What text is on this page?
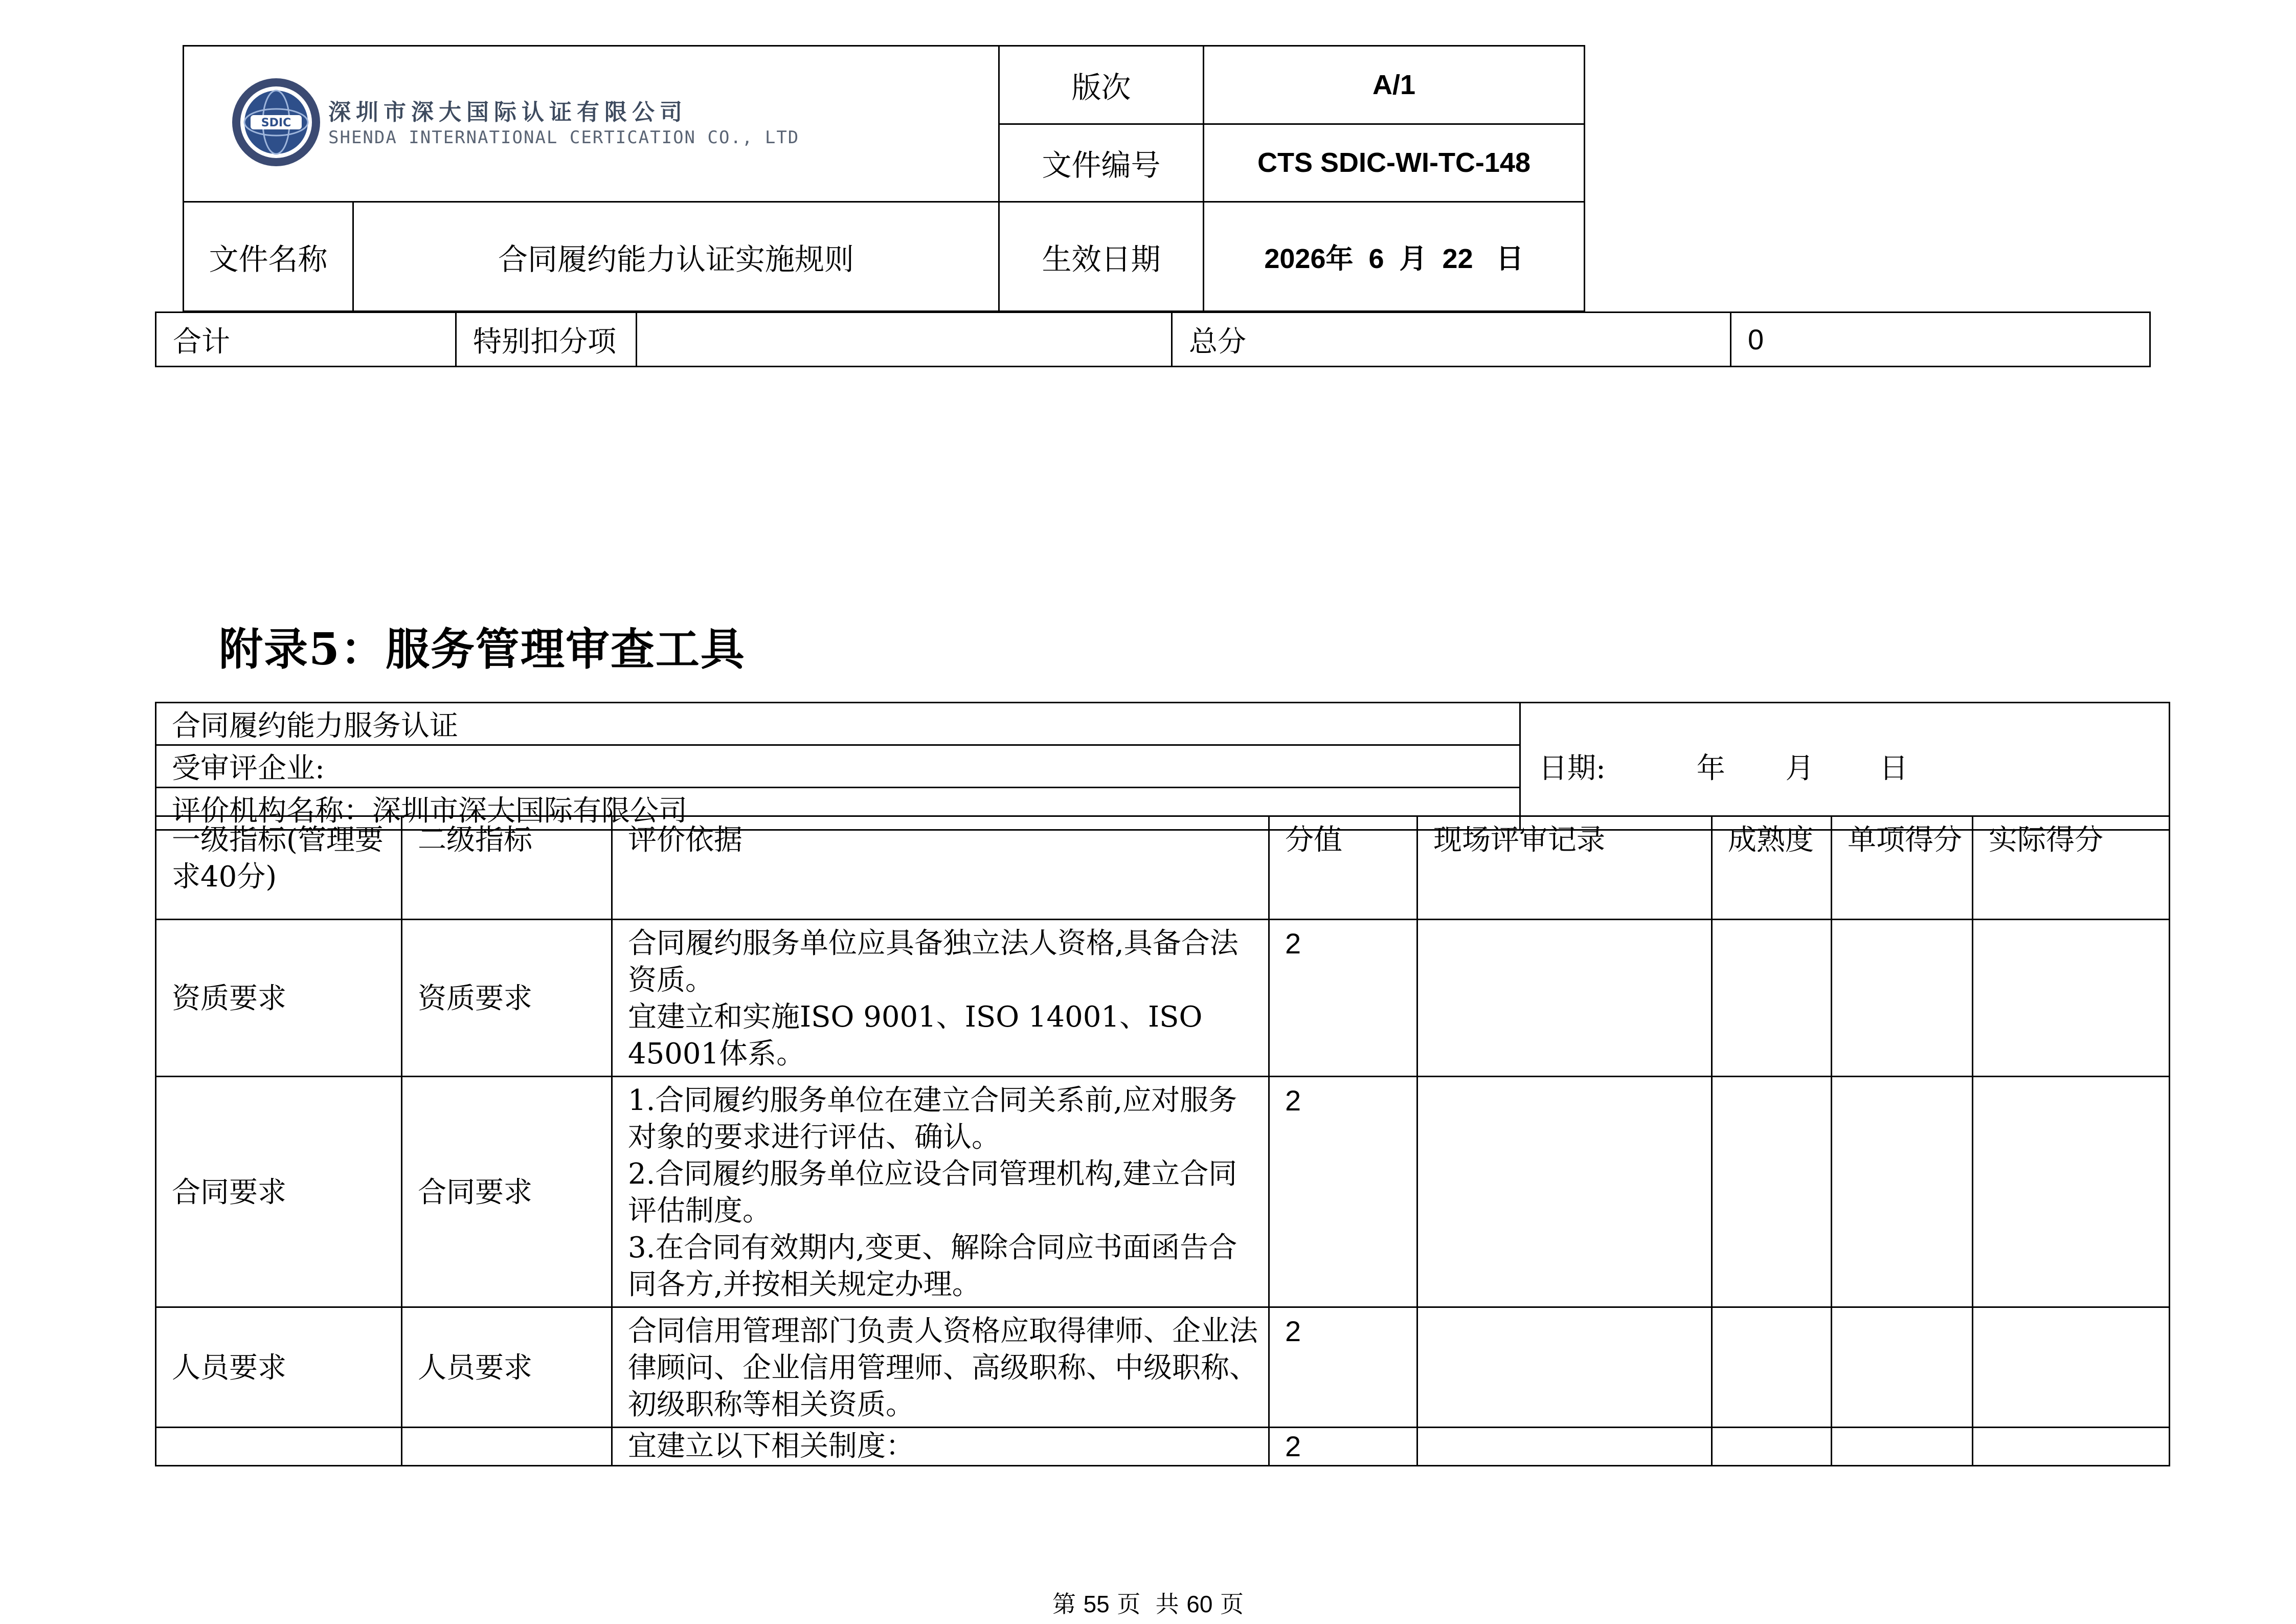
SDIC 深圳市深大国际认证有限公司
SHENDA INTERNATIONAL CERTICATION CO., LTD		版次	A/1
		文件编号	CTS SDIC-WI-TC-148
文件名称	合同履约能力认证实施规则	生效日期	2026年  6  月  22   日
合计	特别扣分项		总分	0
附录5：服务管理审查工具
合同履约能力服务认证	日期:	年 月 日
受审评企业:
评价机构名称：深圳市深大国际有限公司
一级指标(管理要求40分)	二级指标	评价依据	分值	现场评审记录	成熟度	单项得分	实际得分
资质要求	资质要求	合同履约服务单位应具备独立法人资格,具备合法资质。
宜建立和实施ISO 9001、ISO 14001、ISO 45001体系。	2				
合同要求	合同要求	1.合同履约服务单位在建立合同关系前,应对服务对象的要求进行评估、确认。
2.合同履约服务单位应设合同管理机构,建立合同评估制度。
3.在合同有效期内,变更、解除合同应书面函告合同各方,并按相关规定办理。	2				
人员要求	人员要求	合同信用管理部门负责人资格应取得律师、企业法律顾问、企业信用管理师、高级职称、中级职称、初级职称等相关资质。	2				

		宜建立以下相关制度：	2				
第 55 页  共 60 页
